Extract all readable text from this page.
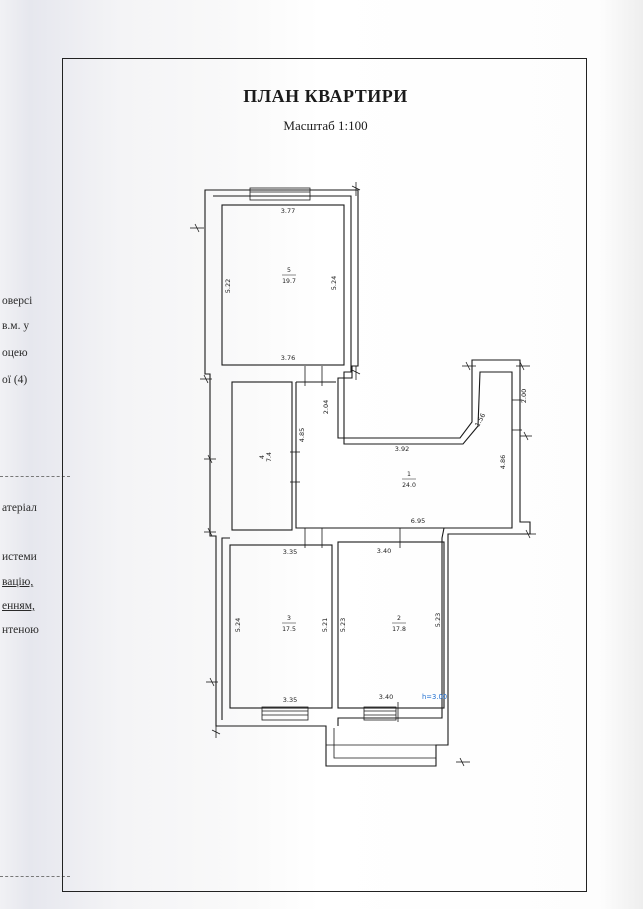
оверсі
в.м. у
оцею
ої (4)
атеріал
истеми
вацію,
енням,
нтеною
ПЛАН КВАРТИРИ
Масштаб 1:100
5
19.7
4 7.4
1
24.0
3
17.5
2
17.8
3.77
5.22	5.24
3.76
2.04
4.85
3.92
1.56
2.00
4.86
6.95
3.35	3.40
5.24	5.21 5.23	5.23
3.35	3.40	h=3.00
